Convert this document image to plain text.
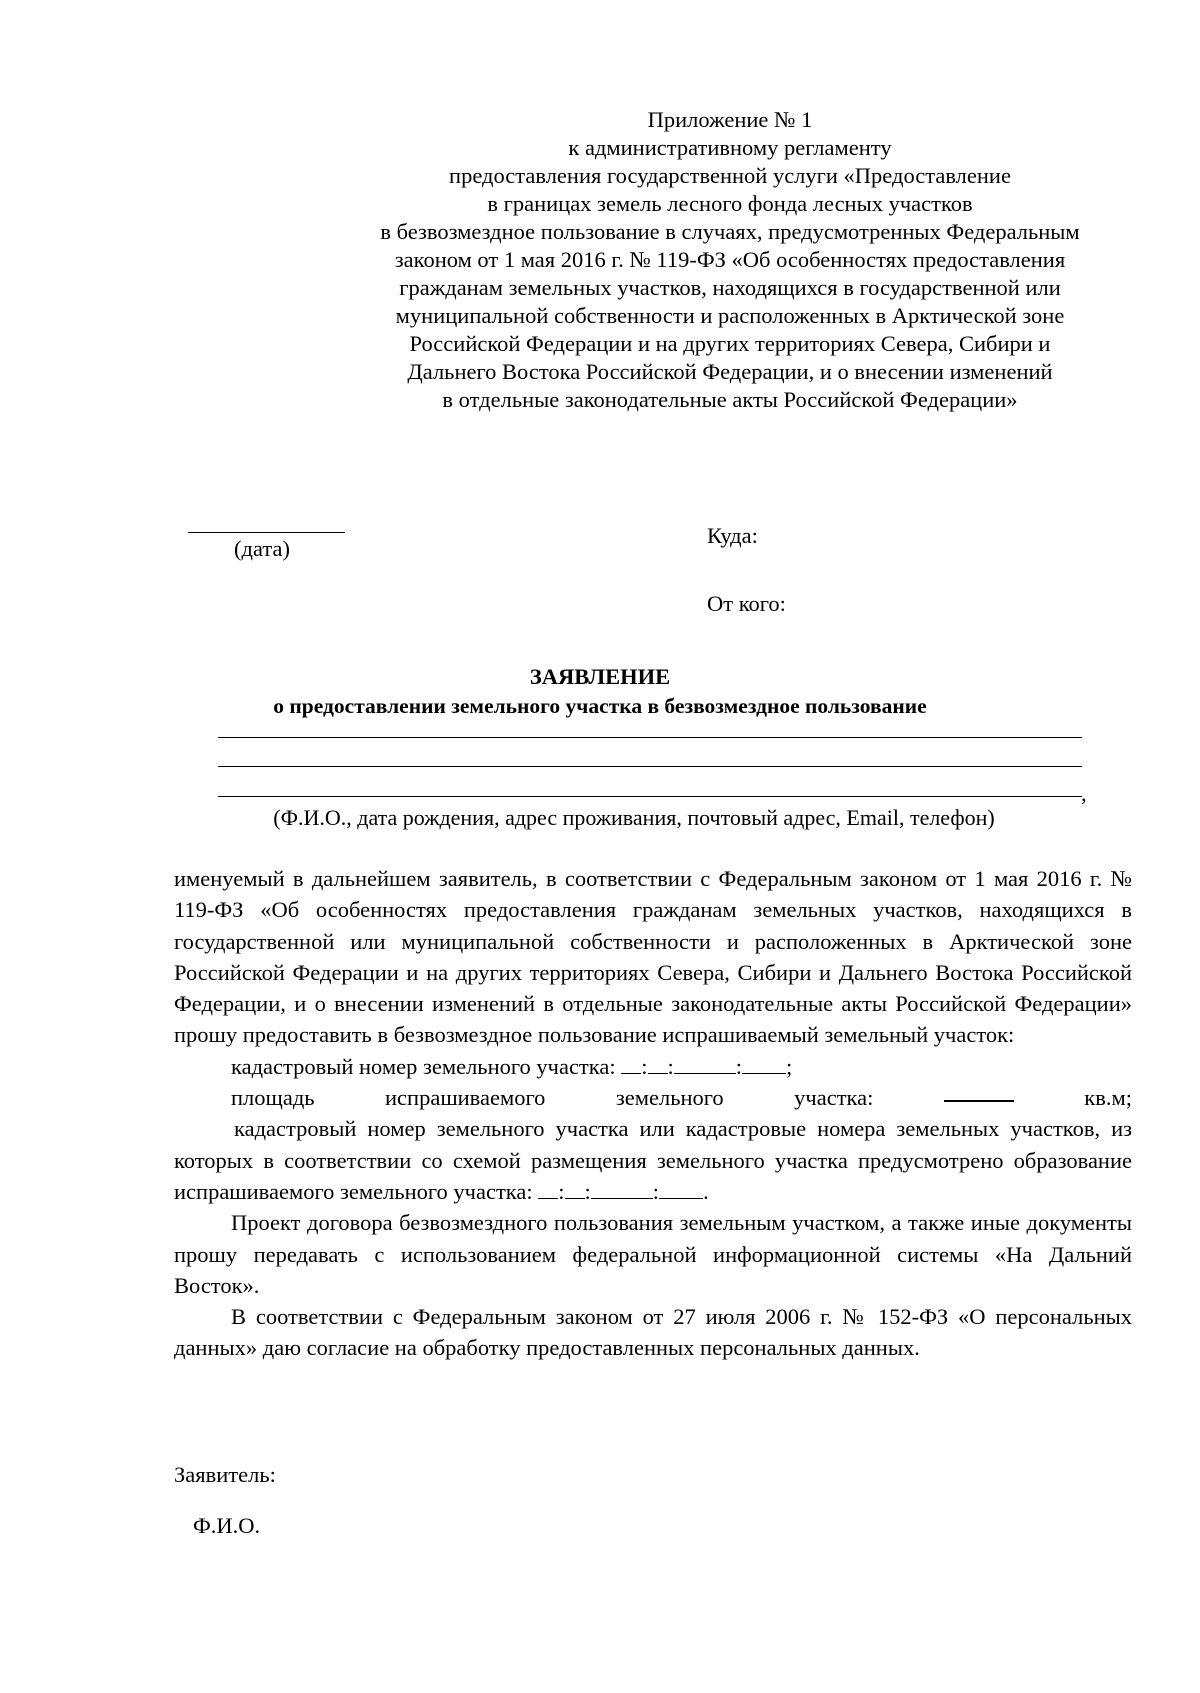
Приложение № 1
к административному регламенту
предоставления государственной услуги «Предоставление
в границах земель лесного фонда лесных участков
в безвозмездное пользование в случаях, предусмотренных Федеральным
законом от 1 мая 2016 г. № 119-ФЗ «Об особенностях предоставления
гражданам земельных участков, находящихся в государственной или
муниципальной собственности и расположенных в Арктической зоне
Российской Федерации и на других территориях Севера, Сибири и
Дальнего Востока Российской Федерации, и о внесении изменений
в отдельные законодательные акты Российской Федерации»
(дата)
Куда:
От кого:
ЗАЯВЛЕНИЕ
о предоставлении земельного участка в безвозмездное пользование
,
(Ф.И.О., дата рождения, адрес проживания, почтовый адрес, Email, телефон)

именуемый в дальнейшем заявитель, в соответствии с Федеральным законом от 1 мая 2016 г. № 119-ФЗ «Об особенностях предоставления гражданам земельных участков, находящихся в государственной или муниципальной собственности и расположенных в Арктической зоне Российской Федерации и на других территориях Севера, Сибири и Дальнего Востока Российской Федерации, и о внесении изменений в отдельные законодательные акты Российской Федерации» прошу предоставить в безвозмездное пользование испрашиваемый земельный участок:

кадастровый номер земельного участка: : :	: ;

площадь	испрашиваемого	земельного	участка:	кв.м;

кадастровый номер земельного участка или кадастровые номера земельных участков, из которых в соответствии со схемой размещения земельного участка предусмотрено образование испрашиваемого земельного участка: : :	: .

Проект договора безвозмездного пользования земельным участком, а также иные документы прошу передавать с использованием федеральной информационной системы «На Дальний Восток».

В соответствии с Федеральным законом от 27 июля 2006 г. № 152-ФЗ «О персональных данных» даю согласие на обработку предоставленных персональных данных.

Заявитель:
Ф.И.О.
